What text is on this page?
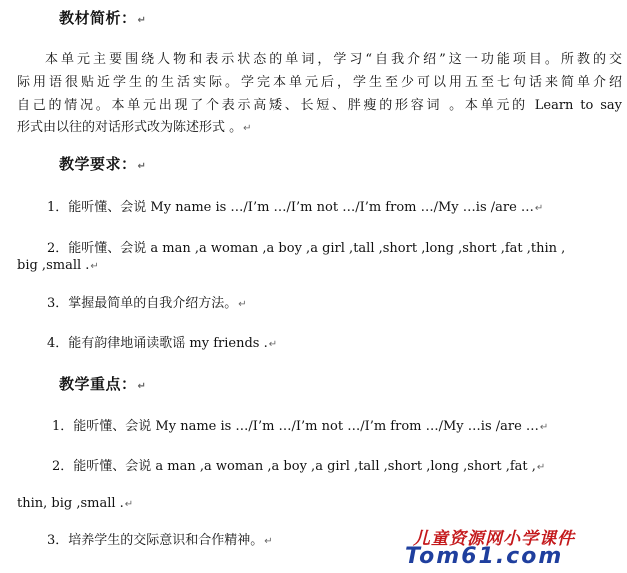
教材简析：↵
本单元主要围绕人物和表示状态的单词，学习“自我介绍”这一功能项目。所教的交
际用语很贴近学生的生活实际。学完本单元后，学生至少可以用五至七句话来简单介绍
自己的情况。本单元出现了个表示高矮、长短、胖瘦的形容词 。本单元的 Learn to say
形式由以往的对话形式改为陈述形式 。↵
教学要求：↵
1．能听懂、会说 My name is …/I’m …/I’m not …/I’m from …/My …is /are …↵
2．能听懂、会说 a man ,a woman ,a boy ,a girl ,tall ,short ,long ,short ,fat ,thin ,
big ,small .↵
3．掌握最简单的自我介绍方法。↵
4．能有韵律地诵读歌谣 my friends .↵
教学重点：↵
1．能听懂、会说 My name is …/I’m …/I’m not …/I’m from …/My …is /are …↵
2．能听懂、会说 a man ,a woman ,a boy ,a girl ,tall ,short ,long ,short ,fat ,↵
thin, big ,small .↵
3．培养学生的交际意识和合作精神。↵	儿童资源网小学课件
Tom61.com
